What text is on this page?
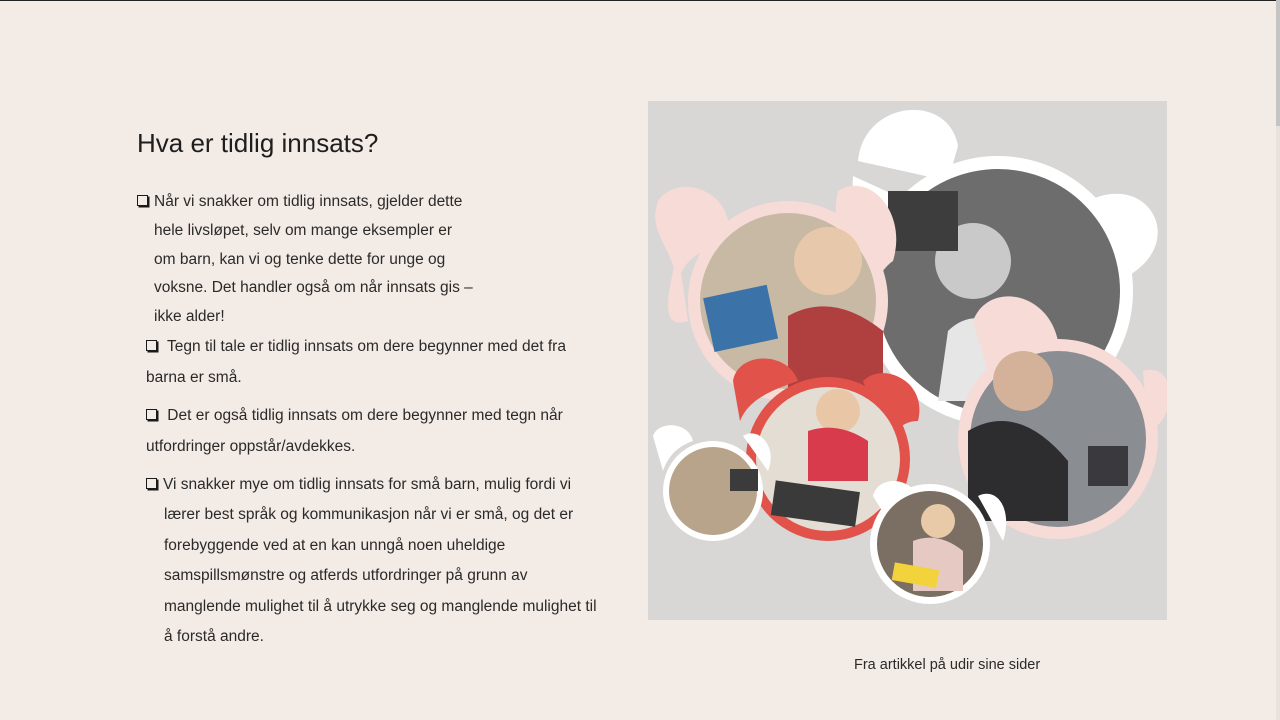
Hva er tidlig innsats?
Når vi snakker om tidlig innsats, gjelder dette
hele livsløpet, selv om mange eksempler er
om barn, kan vi og tenke dette for unge og
voksne. Det handler også om når innsats gis –
ikke alder!
Tegn til tale er tidlig innsats om dere begynner med det fra
barna er små.
Det er også tidlig innsats om dere begynner med tegn når
utfordringer oppstår/avdekkes.
Vi snakker mye om tidlig innsats for små barn, mulig fordi vi
lærer best språk og kommunikasjon når vi er små, og det er
forebyggende ved at en kan unngå noen uheldige
samspillsmønstre og atferds utfordringer på grunn av
manglende mulighet til å utrykke seg og manglende mulighet til
å forstå andre.
Fra artikkel på udir sine sider
